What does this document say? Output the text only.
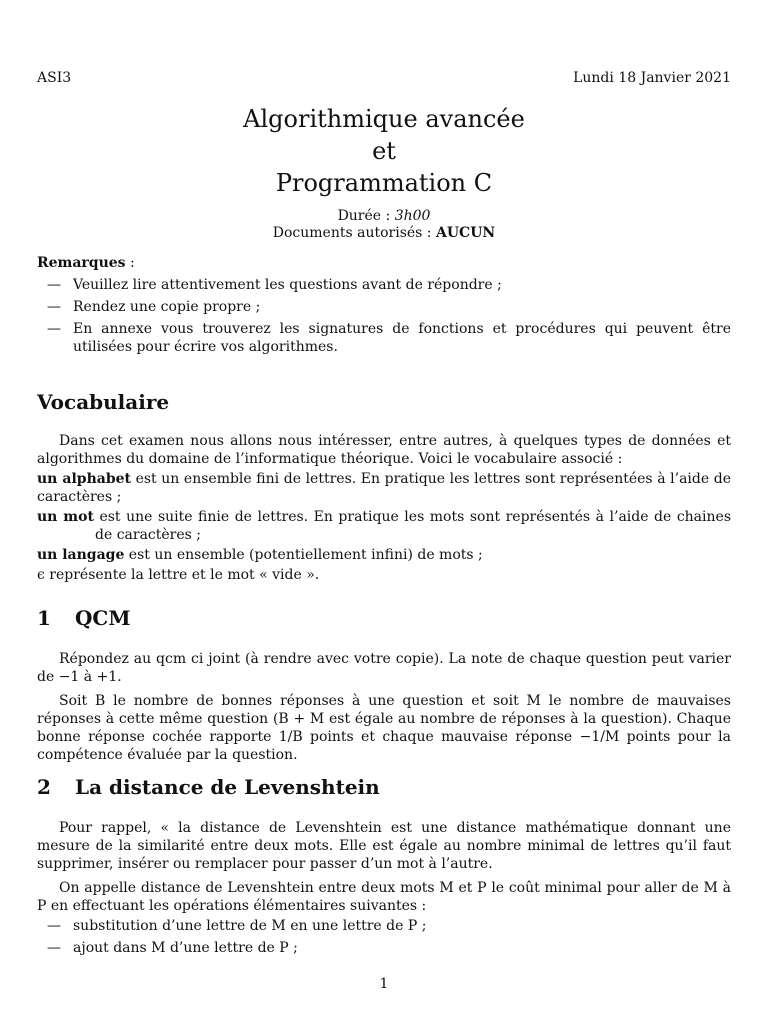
ASI3	Lundi 18 Janvier 2021
Algorithmique avancée
et
Programmation C
Durée : 3h00
Documents autorisés : AUCUN
Remarques :
— Veuillez lire attentivement les questions avant de répondre ;
— Rendez une copie propre ;
— En annexe vous trouverez les signatures de fonctions et procédures qui peuvent être utilisées pour écrire vos algorithmes.
Vocabulaire
Dans cet examen nous allons nous intéresser, entre autres, à quelques types de données et algorithmes du domaine de l’informatique théorique. Voici le vocabulaire associé :
un alphabet est un ensemble fini de lettres. En pratique les lettres sont représentées à l’aide de caractères ;
un mot est une suite finie de lettres. En pratique les mots sont représentés à l’aide de chaines de caractères ;
un langage est un ensemble (potentiellement infini) de mots ;
ϵ représente la lettre et le mot « vide ».
1 QCM
Répondez au qcm ci joint (à rendre avec votre copie). La note de chaque question peut varier de −1 à +1.
Soit B le nombre de bonnes réponses à une question et soit M le nombre de mauvaises réponses à cette même question (B + M est égale au nombre de réponses à la question). Chaque bonne réponse cochée rapporte 1/B points et chaque mauvaise réponse −1/M points pour la compétence évaluée par la question.
2 La distance de Levenshtein
Pour rappel, « la distance de Levenshtein est une distance mathématique donnant une mesure de la similarité entre deux mots. Elle est égale au nombre minimal de lettres qu’il faut supprimer, insérer ou remplacer pour passer d’un mot à l’autre.
On appelle distance de Levenshtein entre deux mots M et P le coût minimal pour aller de M à P en effectuant les opérations élémentaires suivantes :
— substitution d’une lettre de M en une lettre de P ;
— ajout dans M d’une lettre de P ;
1
